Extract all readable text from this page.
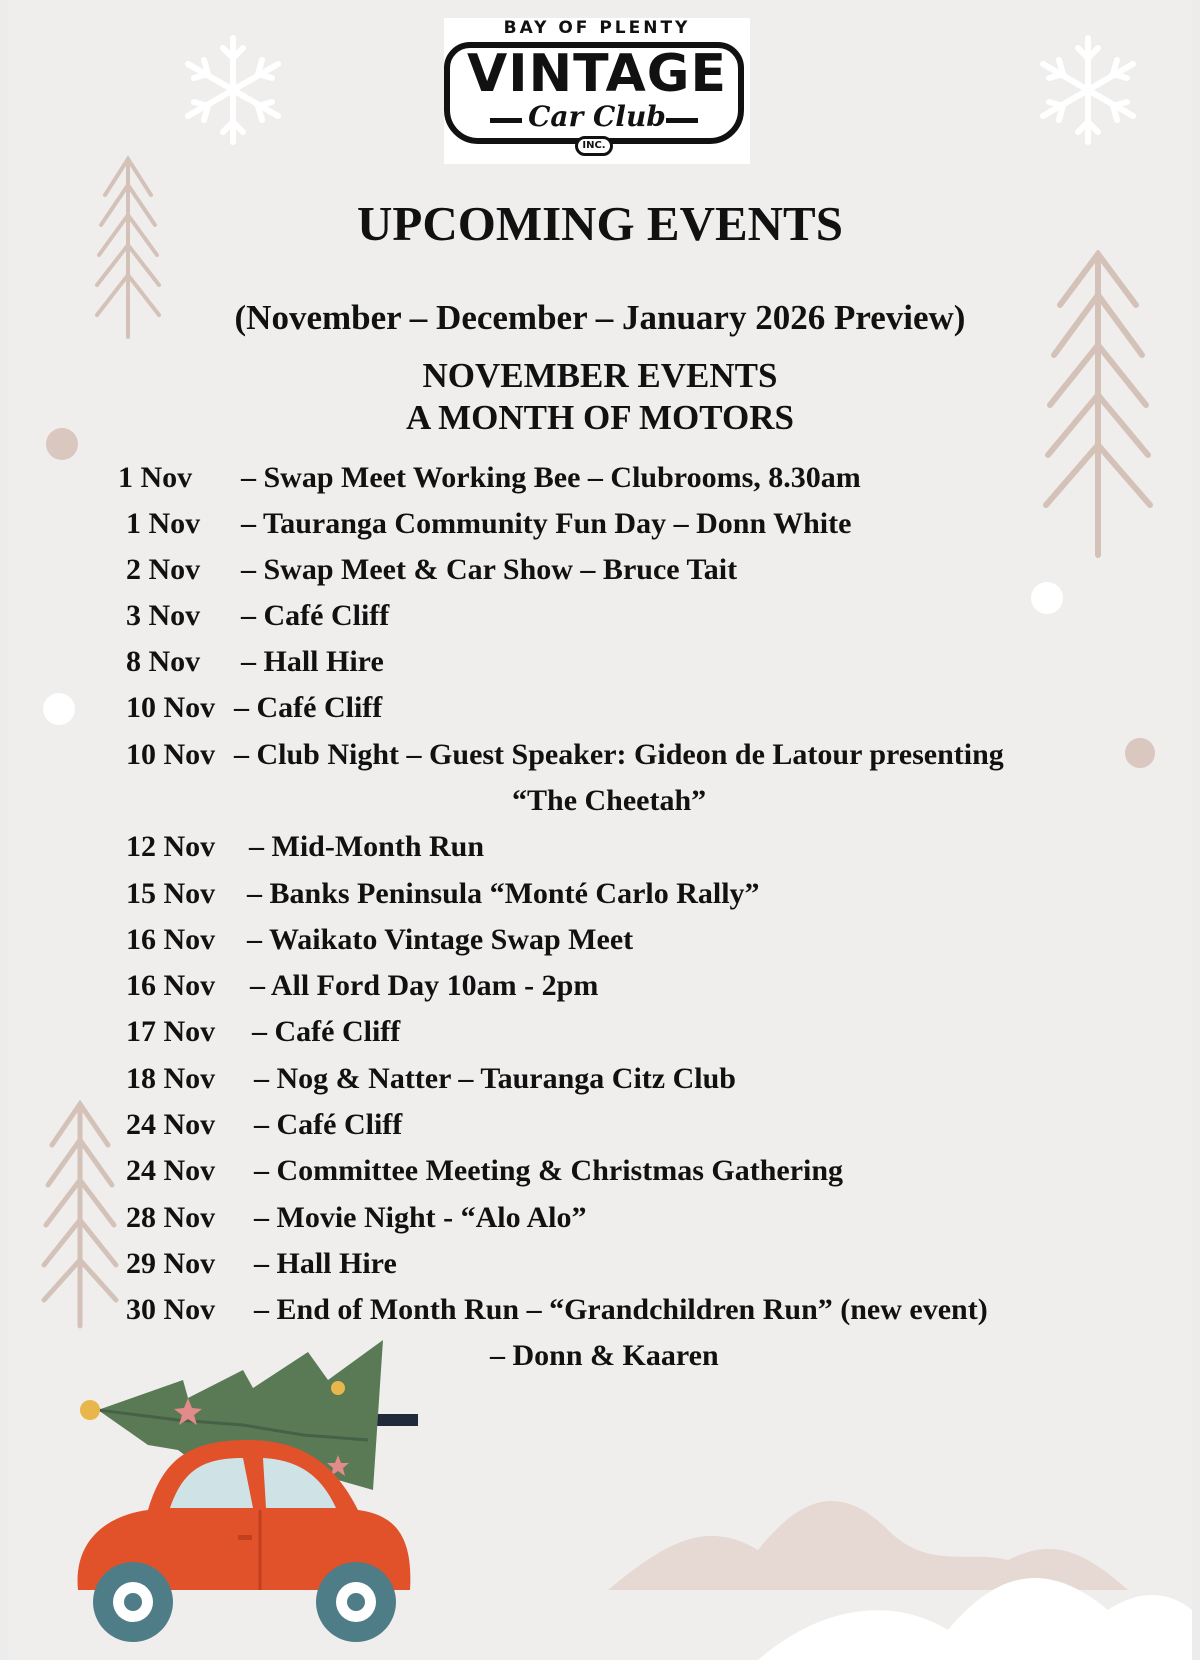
BAY OF PLENTY
VINTAGE
Car Club
INC.
UPCOMING EVENTS
(November – December – January 2026 Preview)
NOVEMBER EVENTS
A MONTH OF MOTORS
1 Nov – Swap Meet Working Bee – Clubrooms, 8.30am
1 Nov – Tauranga Community Fun Day – Donn White
2 Nov – Swap Meet & Car Show – Bruce Tait
3 Nov – Café Cliff
8 Nov – Hall Hire
10 Nov – Café Cliff
10 Nov – Club Night – Guest Speaker: Gideon de Latour presenting
“The Cheetah”
12 Nov – Mid-Month Run
15 Nov – Banks Peninsula “Monté Carlo Rally”
16 Nov – Waikato Vintage Swap Meet
16 Nov – All Ford Day 10am - 2pm
17 Nov – Café Cliff
18 Nov – Nog & Natter – Tauranga Citz Club
24 Nov – Café Cliff
24 Nov – Committee Meeting & Christmas Gathering
28 Nov – Movie Night - “Alo Alo”
29 Nov – Hall Hire
30 Nov – End of Month Run – “Grandchildren Run” (new event)
– Donn & Kaaren
